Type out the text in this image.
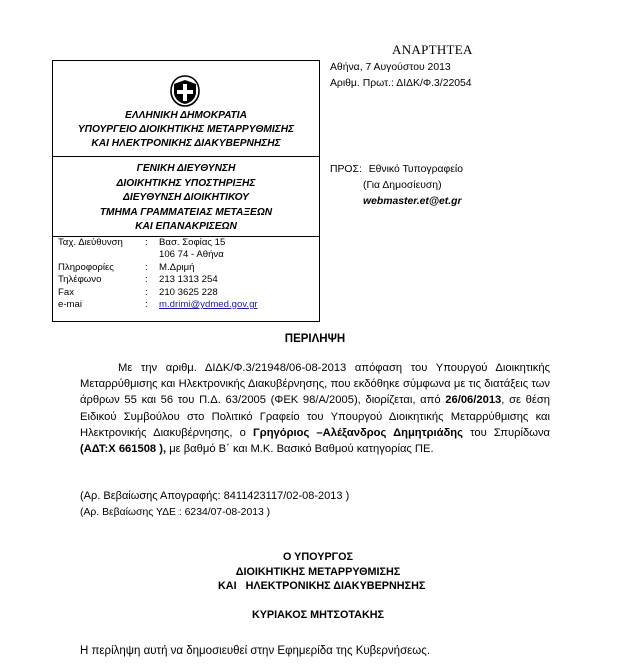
ΑΝΑΡΤΗΤΕΑ
Αθήνα, 7 Αυγούστου 2013
Αριθμ. Πρωτ.: ΔΙΔΚ/Φ.3/22054
ΕΛΛΗΝΙΚΗ ΔΗΜΟΚΡΑΤΙΑ
ΥΠΟΥΡΓΕΙΟ ΔΙΟΙΚΗΤΙΚΗΣ ΜΕΤΑΡΡΥΘΜΙΣΗΣ
ΚΑΙ ΗΛΕΚΤΡΟΝΙΚΗΣ ΔΙΑΚΥΒΕΡΝΗΣΗΣ
ΓΕΝΙΚΗ ΔΙΕΥΘΥΝΣΗ
ΔΙΟΙΚΗΤΙΚΗΣ ΥΠΟΣΤΗΡΙΞΗΣ
ΔΙΕΥΘΥΝΣΗ ΔΙΟΙΚΗΤΙΚΟΥ
ΤΜΗΜΑ ΓΡΑΜΜΑΤΕΙΑΣ ΜΕΤΑΞΕΩΝ
ΚΑΙ ΕΠΑΝΑΚΡΙΣΕΩΝ
Ταχ. Διεύθυνση : Βασ. Σοφίας 15
106 74 - Αθήνα
Πληροφορίες	: Μ.Δριμή
Τηλέφωνο	: 213 1313 254
Fax	: 210 3625 228
e-mai	: m.drimi@ydmed.gov.gr
ΠΡΟΣ: Εθνικό Τυπογραφείο
(Για Δημοσίευση)
webmaster.et@et.gr
ΠΕΡΙΛΗΨΗ
Με την αριθμ. ΔΙΔΚ/Φ.3/21948/06-08-2013 απόφαση του Υπουργού Διοικητικής Μεταρρύθμισης και Ηλεκτρονικής Διακυβέρνησης, που εκδόθηκε σύμφωνα με τις διατάξεις των άρθρων 55 και 56 του Π.Δ. 63/2005 (ΦΕΚ 98/Α/2005), διορίζεται, από 26/06/2013, σε θέση Ειδικού Συμβούλου στο Πολιτικό Γραφείο του Υπουργού Διοικητικής Μεταρρύθμισης και Ηλεκτρονικής Διακυβέρνησης, ο Γρηγόριος –Αλέξανδρος Δημητριάδης του Σπυρίδωνα (ΑΔΤ:Χ 661508 ), με βαθμό Β΄ και Μ.Κ. Βασικό Βαθμού κατηγορίας ΠΕ.
(Αρ. Βεβαίωσης Απογραφής: 8411423117/02-08-2013 )
(Αρ. Βεβαίωσης ΥΔΕ : 6234/07-08-2013 )
Ο ΥΠΟΥΡΓΟΣ
ΔΙΟΙΚΗΤΙΚΗΣ ΜΕΤΑΡΡΥΘΜΙΣΗΣ
ΚΑΙ   ΗΛΕΚΤΡΟΝΙΚΗΣ ΔΙΑΚΥΒΕΡΝΗΣΗΣ
ΚΥΡΙΑΚΟΣ ΜΗΤΣΟΤΑΚΗΣ
Η περίληψη αυτή να δημοσιευθεί στην Εφημερίδα της Κυβερνήσεως.
